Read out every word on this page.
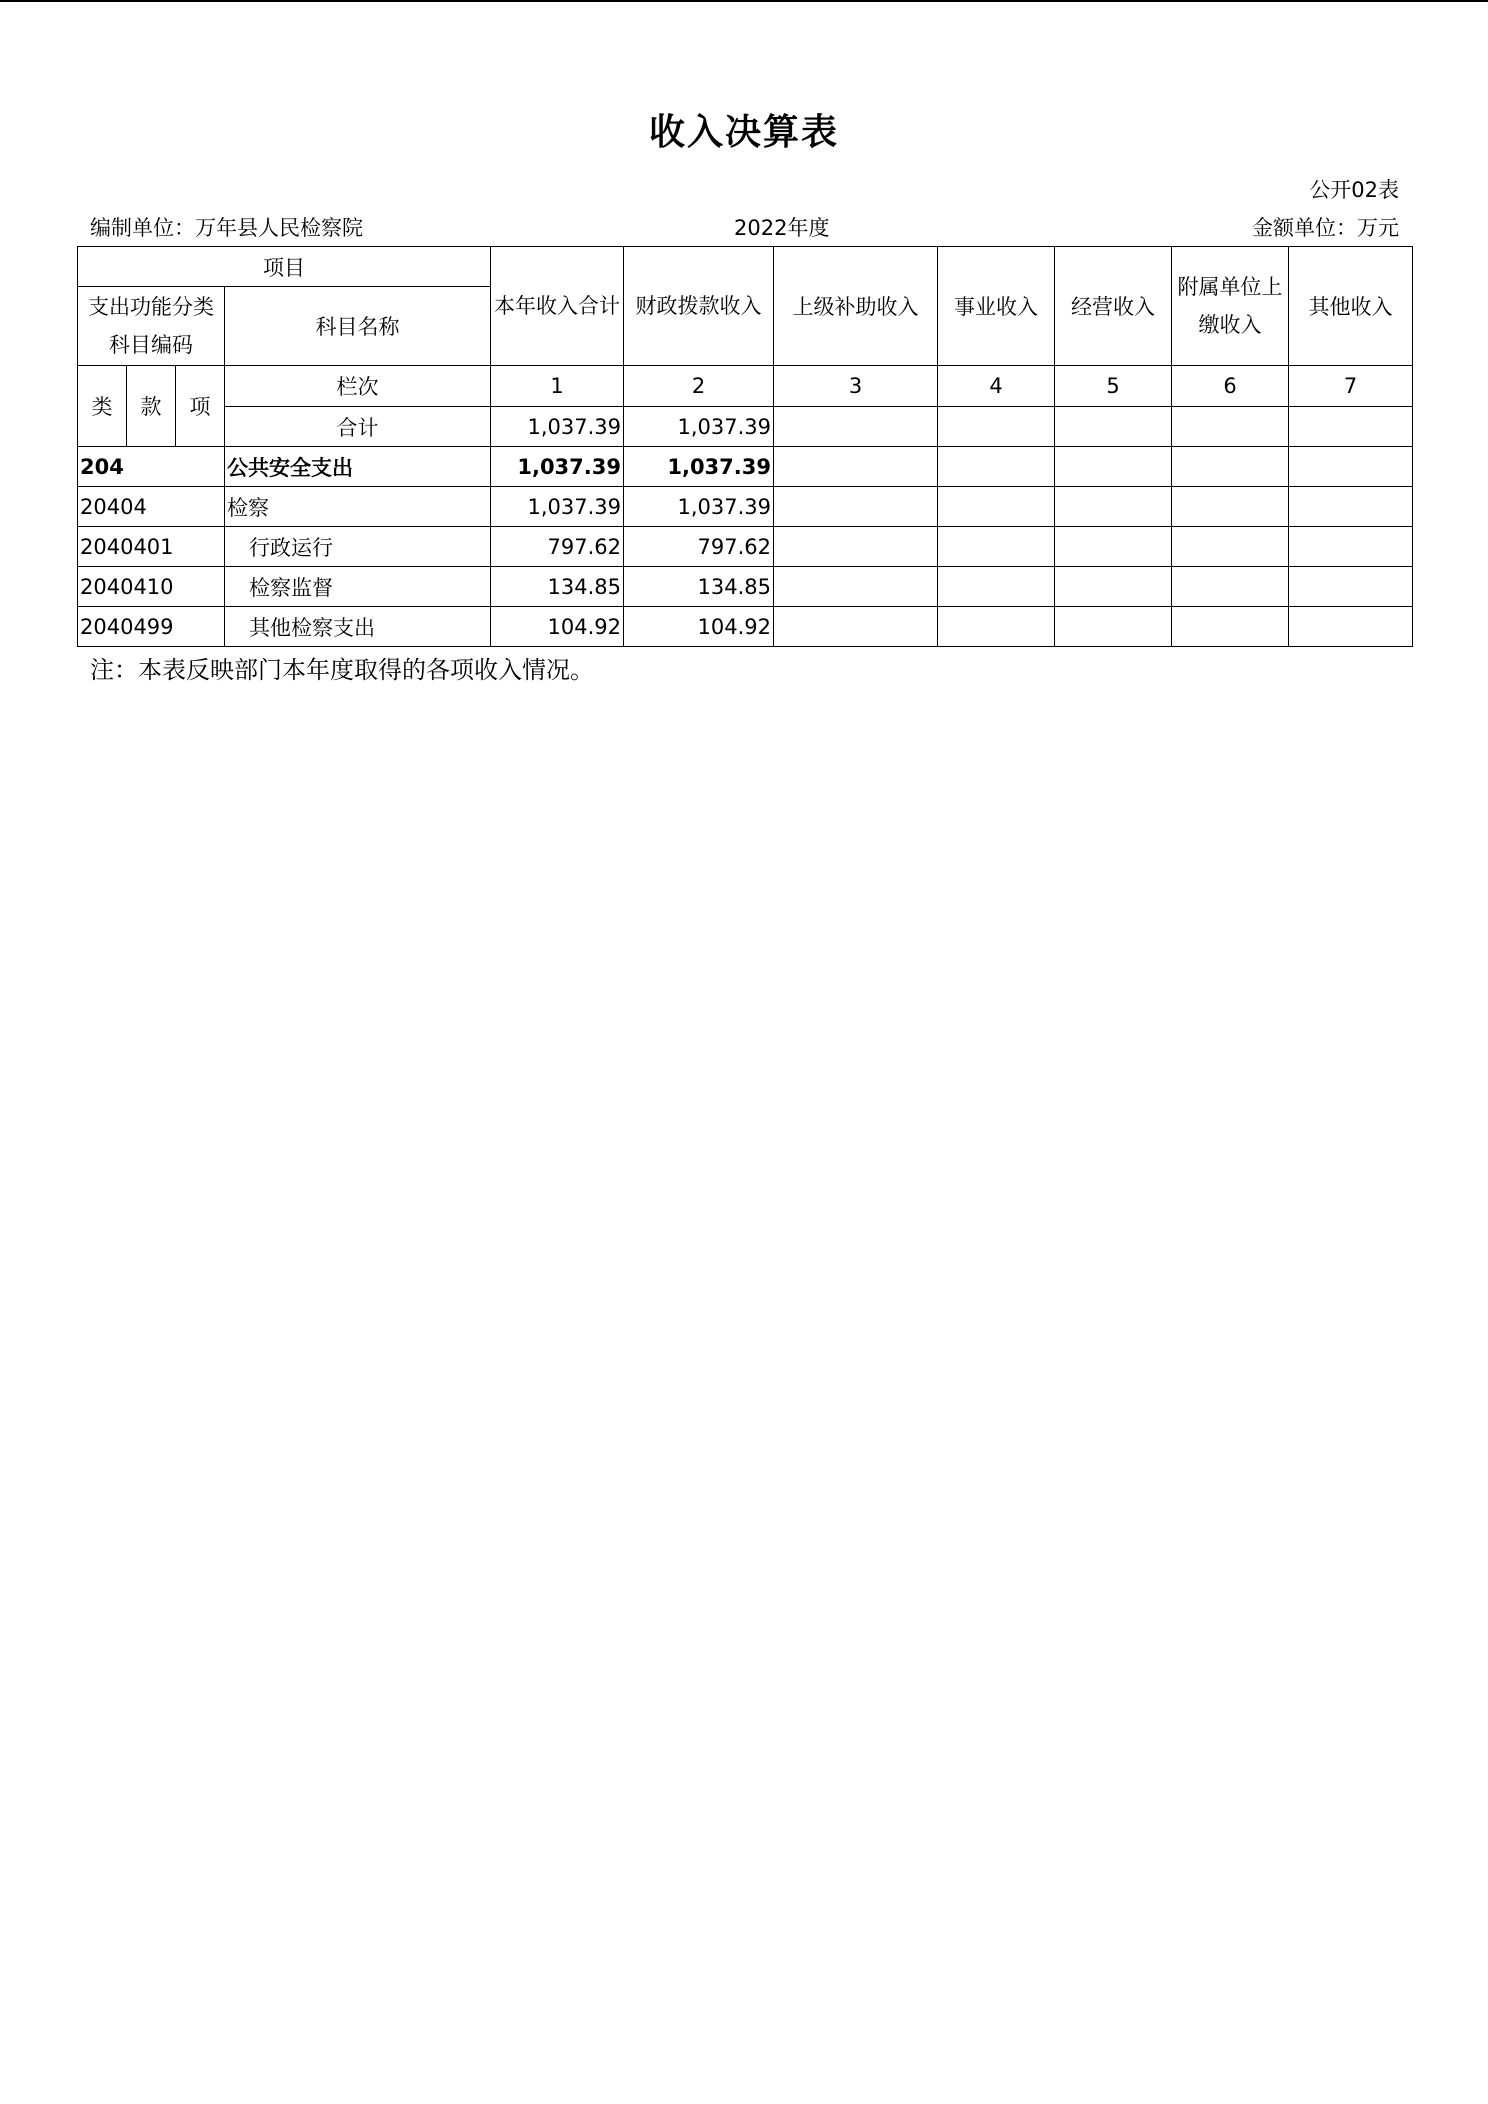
收入决算表
公开02表
编制单位：万年县人民检察院	2022年度	金额单位：万元
项目				本年收入合计	财政拨款收入	上级补助收入	事业收入	经营收入	附属单位上缴收入	其他收入
支出功能分类科目编码			科目名称							
类	款	项	栏次	1	2	3	4	5	6	7
			合计	1,037.39	1,037.39					
204			公共安全支出	1,037.39	1,037.39					
20404			检察	1,037.39	1,037.39					
2040401			行政运行	797.62	797.62					
2040410			检察监督	134.85	134.85					
2040499			其他检察支出	104.92	104.92					
注：本表反映部门本年度取得的各项收入情况。
